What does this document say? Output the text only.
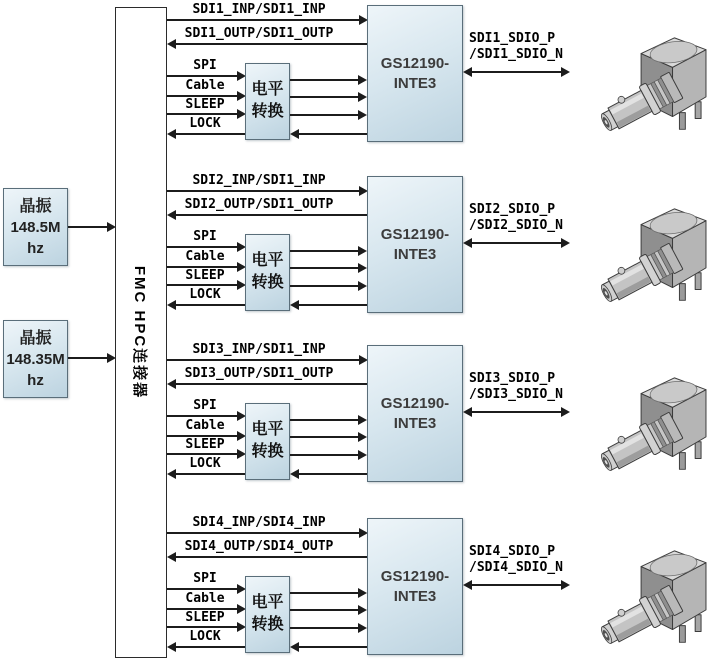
晶振
148.5M
hz
晶振
148.35M
hz	FMC HPC连接器
SDI1_INP/SDI1_INP
SDI1_OUTP/SDI1_OUTP
SPI
Cable
SLEEP
LOCK
电平
转换
GS12190-
INTE3
SDI1_SDIO_P
/SDI1_SDIO_N
SDI2_INP/SDI1_INP
SDI2_OUTP/SDI1_OUTP
SPI
Cable
SLEEP
LOCK
电平
转换
GS12190-
INTE3
SDI2_SDIO_P
/SDI2_SDIO_N
SDI3_INP/SDI1_INP
SDI3_OUTP/SDI1_OUTP
SPI
Cable
SLEEP
LOCK
电平
转换
GS12190-
INTE3
SDI3_SDIO_P
/SDI3_SDIO_N
SDI4_INP/SDI4_INP
SDI4_OUTP/SDI4_OUTP
SPI
Cable
SLEEP
LOCK
电平
转换
GS12190-
INTE3
SDI4_SDIO_P
/SDI4_SDIO_N
